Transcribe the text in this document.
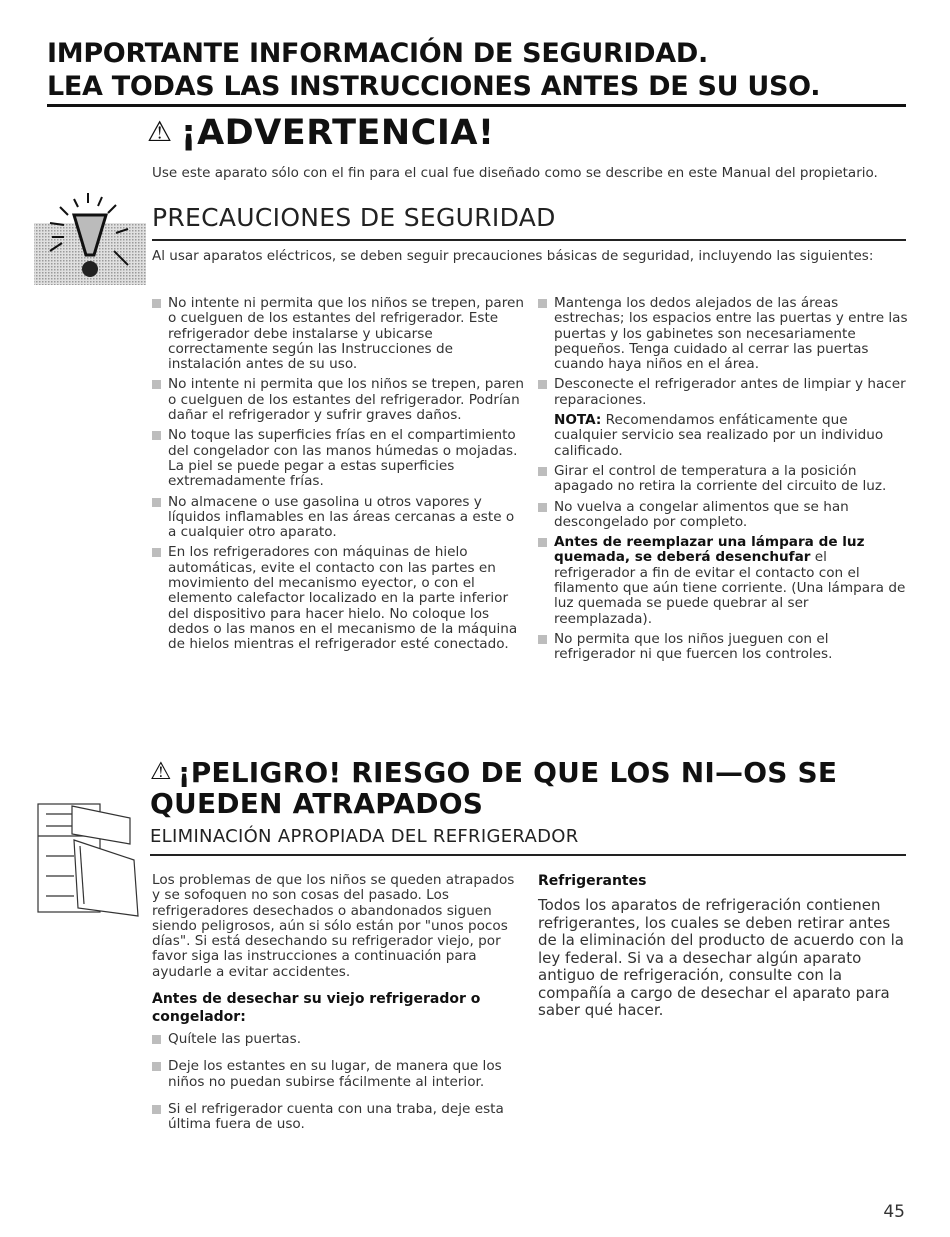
IMPORTANTE INFORMACIÓN DE SEGURIDAD.
LEA TODAS LAS INSTRUCCIONES ANTES DE SU USO.
⚠ ¡ADVERTENCIA!
Use este aparato sólo con el fin para el cual fue diseñado como se describe en este Manual del propietario.
PRECAUCIONES DE SEGURIDAD
Al usar aparatos eléctricos, se deben seguir precauciones básicas de seguridad, incluyendo las siguientes:
No intente ni permita que los niños se trepen, paren o cuelguen de los estantes del refrigerador. Este refrigerador debe instalarse y ubicarse correctamente según las Instrucciones de instalación antes de su uso.
No intente ni permita que los niños se trepen, paren o cuelguen de los estantes del refrigerador. Podrían dañar el refrigerador y sufrir graves daños.
No toque las superficies frías en el compartimiento del congelador con las manos húmedas o mojadas. La piel se puede pegar a estas superficies extremadamente frías.
No almacene o use gasolina u otros vapores y líquidos inflamables en las áreas cercanas a este o a cualquier otro aparato.
En los refrigeradores con máquinas de hielo automáticas, evite el contacto con las partes en movimiento del mecanismo eyector, o con el elemento calefactor localizado en la parte inferior del dispositivo para hacer hielo. No coloque los dedos o las manos en el mecanismo de la máquina de hielos mientras el refrigerador esté conectado.
Mantenga los dedos alejados de las áreas estrechas; los espacios entre las puertas y entre las puertas y los gabinetes son necesariamente pequeños. Tenga cuidado al cerrar las puertas cuando haya niños en el área.
Desconecte el refrigerador antes de limpiar y hacer reparaciones.

NOTA: Recomendamos enfáticamente que cualquier servicio sea realizado por un individuo calificado.

Girar el control de temperatura a la posición apagado no retira la corriente del circuito de luz.
No vuelva a congelar alimentos que se han descongelado por completo.
Antes de reemplazar una lámpara de luz quemada, se deberá desenchufar el refrigerador a fin de evitar el contacto con el filamento que aún tiene corriente. (Una lámpara de luz quemada se puede quebrar al ser reemplazada).
No permita que los niños jueguen con el refrigerador ni que fuercen los controles.
⚠ ¡PELIGRO! RIESGO DE QUE LOS NI—OS SE QUEDEN ATRAPADOS
ELIMINACIÓN APROPIADA DEL REFRIGERADOR
Los problemas de que los niños se queden atrapados y se sofoquen no son cosas del pasado. Los refrigeradores desechados o abandonados siguen siendo peligrosos, aún si sólo están por "unos pocos días". Si está desechando su refrigerador viejo, por favor siga las instrucciones a continuación para ayudarle a evitar accidentes.
Antes de desechar su viejo refrigerador o congelador:
Quítele las puertas.
Deje los estantes en su lugar, de manera que los niños no puedan subirse fácilmente al interior.
Si el refrigerador cuenta con una traba, deje esta última fuera de uso.
Refrigerantes
Todos los aparatos de refrigeración contienen refrigerantes, los cuales se deben retirar antes de la eliminación del producto de acuerdo con la ley federal. Si va a desechar algún aparato antiguo de refrigeración, consulte con la compañía a cargo de desechar el aparato para saber qué hacer.
45
